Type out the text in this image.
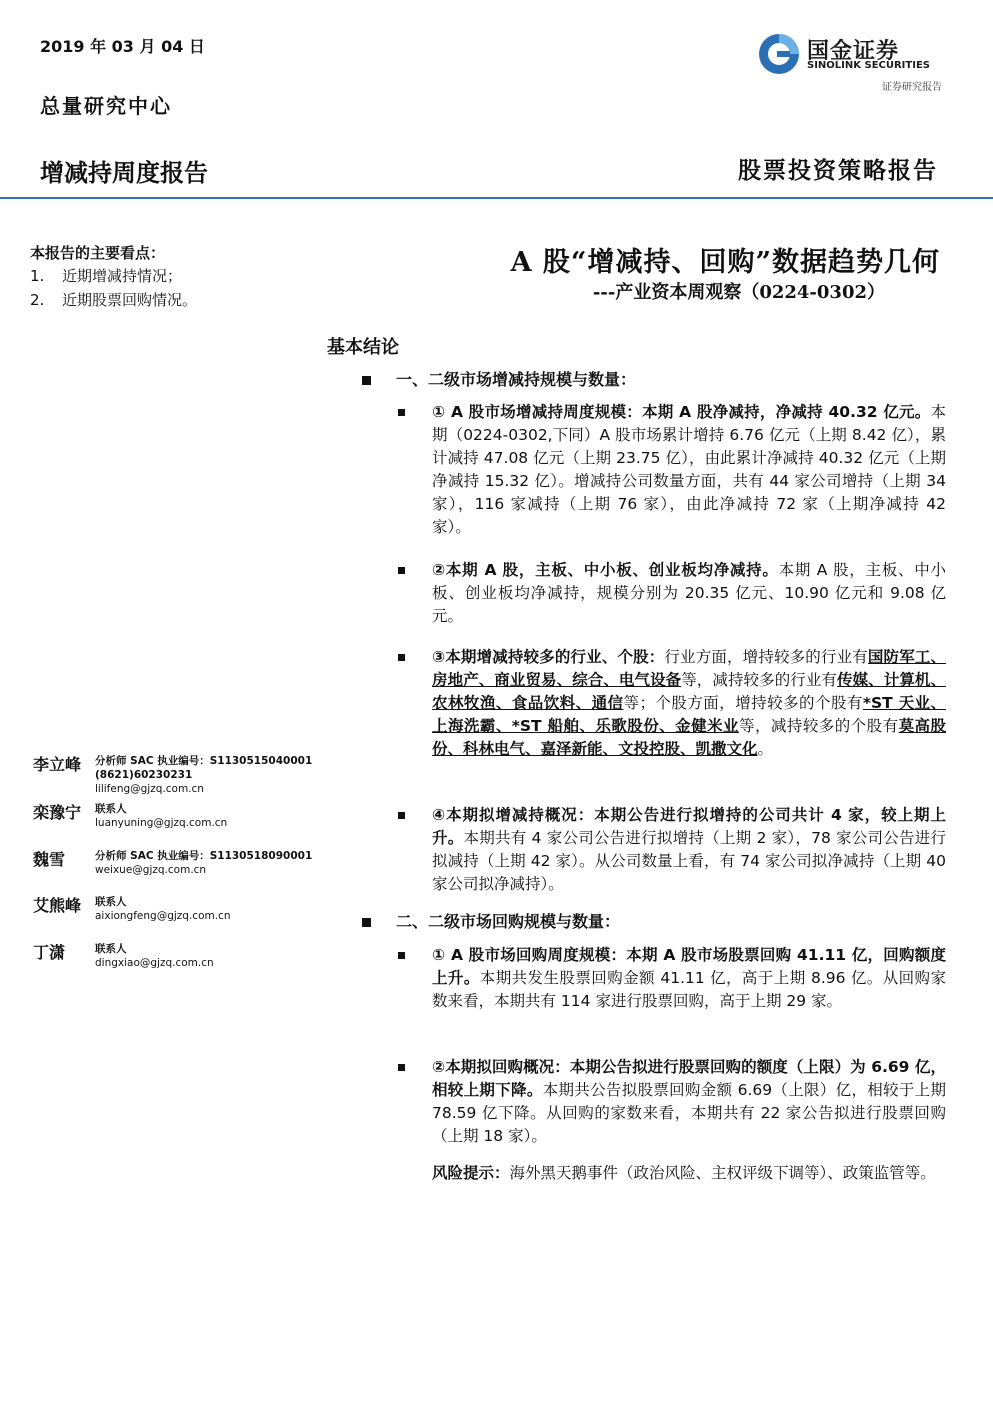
2019 年 03 月 04 日
总量研究中心
增减持周度报告	股票投资策略报告
国金证券
SINOLINK SECURITIES
证券研究报告
本报告的主要看点：
1. 近期增减持情况；
2. 近期股票回购情况。
A 股“增减持、回购”数据趋势几何
---产业资本周观察（0224-0302）
基本结论
一、二级市场增减持规模与数量：
① A 股市场增减持周度规模：本期 A 股净减持，净减持 40.32 亿元。本期（0224-0302,下同）A 股市场累计增持 6.76 亿元（上期 8.42 亿），累计减持 47.08 亿元（上期 23.75 亿），由此累计净减持 40.32 亿元（上期净减持 15.32 亿）。增减持公司数量方面，共有 44 家公司增持（上期 34 家），116 家减持（上期 76 家），由此净减持 72 家（上期净减持 42 家）。
②本期 A 股，主板、中小板、创业板均净减持。本期 A 股，主板、中小板、创业板均净减持，规模分别为 20.35 亿元、10.90 亿元和 9.08 亿元。
③本期增减持较多的行业、个股：行业方面，增持较多的行业有国防军工、房地产、商业贸易、综合、电气设备等，减持较多的行业有传媒、计算机、农林牧渔、食品饮料、通信等；个股方面，增持较多的个股有*ST 天业、上海洗霸、*ST 船舶、乐歌股份、金健米业等，减持较多的个股有莫高股份、科林电气、嘉泽新能、文投控股、凯撒文化。
④本期拟增减持概况：本期公告进行拟增持的公司共计 4 家，较上期上升。本期共有 4 家公司公告进行拟增持（上期 2 家），78 家公司公告进行拟减持（上期 42 家）。从公司数量上看，有 74 家公司拟净减持（上期 40 家公司拟净减持）。
二、二级市场回购规模与数量：
① A 股市场回购周度规模：本期 A 股市场股票回购 41.11 亿，回购额度上升。本期共发生股票回购金额 41.11 亿，高于上期 8.96 亿。从回购家数来看，本期共有 114 家进行股票回购，高于上期 29 家。
②本期拟回购概况：本期公告拟进行股票回购的额度（上限）为 6.69 亿，相较上期下降。本期共公告拟股票回购金额 6.69（上限）亿，相较于上期 78.59 亿下降。从回购的家数来看，本期共有 22 家公告拟进行股票回购（上期 18 家）。
风险提示：海外黑天鹅事件（政治风险、主权评级下调等）、政策监管等。
李立峰	分析师 SAC 执业编号：S1130515040001
(8621)60230231
lilifeng@gjzq.com.cn
栾豫宁	联系人
luanyuning@gjzq.com.cn
魏雪	分析师 SAC 执业编号：S1130518090001
weixue@gjzq.com.cn
艾熊峰	联系人
aixiongfeng@gjzq.com.cn
丁潇	联系人
dingxiao@gjzq.com.cn
